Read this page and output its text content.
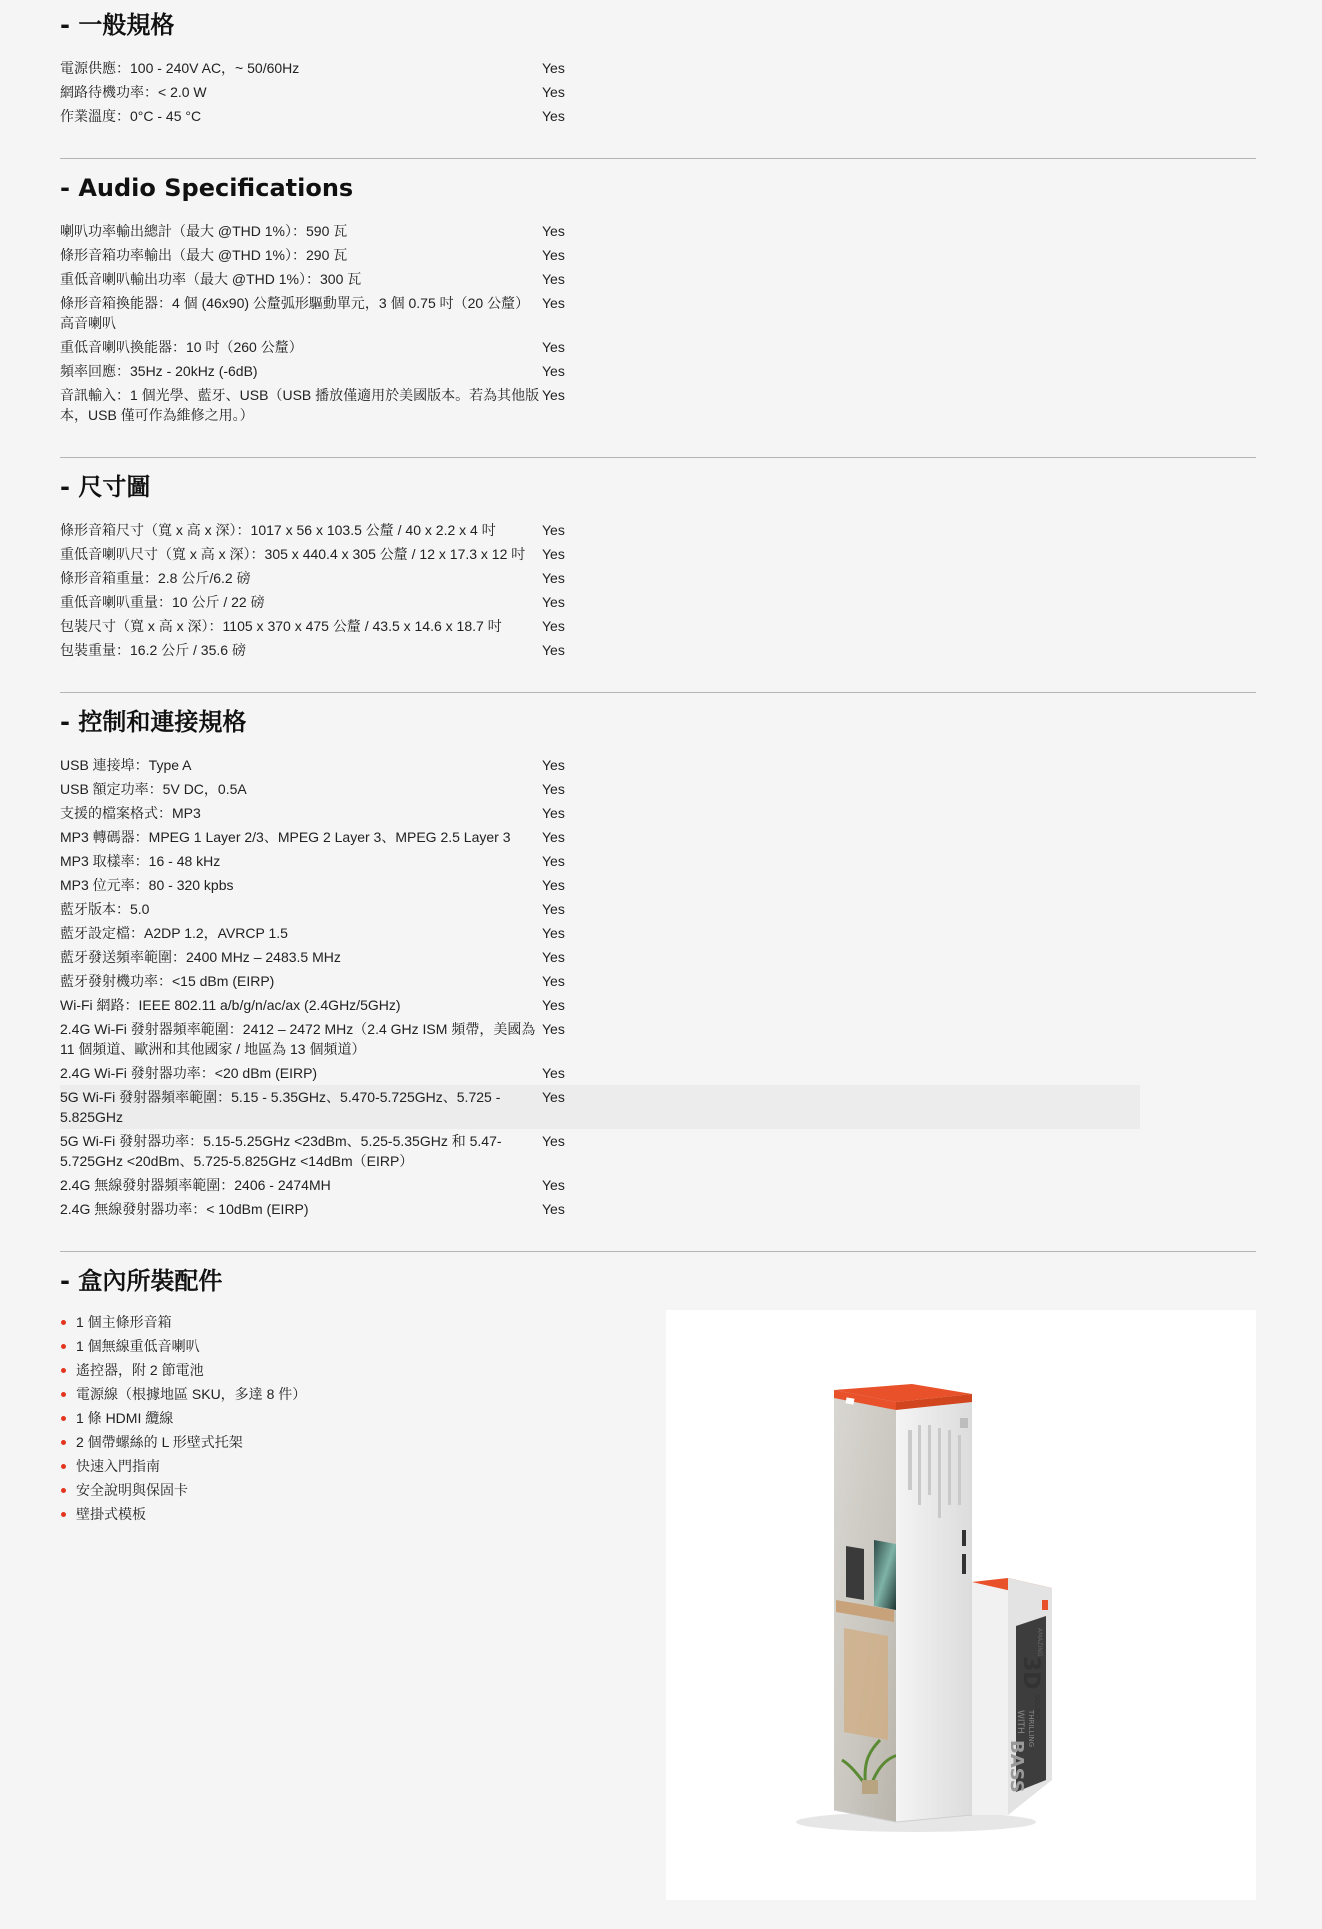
- 一般規格
電源供應：100 - 240V AC，~ 50/60Hz	Yes
網路待機功率：< 2.0 W	Yes
作業溫度：0°C - 45 °C	Yes
- Audio Specifications
喇叭功率輸出總計（最大 @THD 1%）：590 瓦	Yes
條形音箱功率輸出（最大 @THD 1%）：290 瓦	Yes
重低音喇叭輸出功率（最大 @THD 1%）：300 瓦	Yes
條形音箱換能器：4 個 (46x90) 公釐弧形驅動單元，3 個 0.75 吋（20 公釐）高音喇叭
Yes
重低音喇叭換能器：10 吋（260 公釐）	Yes
頻率回應：35Hz - 20kHz (-6dB)	Yes
音訊輸入：1 個光學、藍牙、USB（USB 播放僅適用於美國版本。若為其他版本，USB 僅可作為維修之用。）
Yes
- 尺寸圖
條形音箱尺寸（寬 x 高 x 深）：1017 x 56 x 103.5 公釐 / 40 x 2.2 x 4 吋	Yes
重低音喇叭尺寸（寬 x 高 x 深）：305 x 440.4 x 305 公釐 / 12 x 17.3 x 12 吋	Yes
條形音箱重量：2.8 公斤/6.2 磅	Yes
重低音喇叭重量：10 公斤 / 22 磅	Yes
包裝尺寸（寬 x 高 x 深）：1105 x 370 x 475 公釐 / 43.5 x 14.6 x 18.7 吋	Yes
包裝重量：16.2 公斤 / 35.6 磅	Yes
- 控制和連接規格
USB 連接埠：Type A	Yes
USB 額定功率：5V DC，0.5A	Yes
支援的檔案格式：MP3	Yes
MP3 轉碼器：MPEG 1 Layer 2/3、MPEG 2 Layer 3、MPEG 2.5 Layer 3	Yes
MP3 取樣率：16 - 48 kHz	Yes
MP3 位元率：80 - 320 kpbs	Yes
藍牙版本：5.0	Yes
藍牙設定檔：A2DP 1.2，AVRCP 1.5	Yes
藍牙發送頻率範圍：2400 MHz – 2483.5 MHz	Yes
藍牙發射機功率：<15 dBm (EIRP)	Yes
Wi-Fi 網路：IEEE 802.11 a/b/g/n/ac/ax (2.4GHz/5GHz)	Yes
2.4G Wi-Fi 發射器頻率範圍：2412 – 2472 MHz（2.4 GHz ISM 頻帶，美國為 11 個頻道、歐洲和其他國家 / 地區為 13 個頻道）
Yes
2.4G Wi-Fi 發射器功率：<20 dBm (EIRP)	Yes
5G Wi-Fi 發射器頻率範圍：5.15 - 5.35GHz、5.470-5.725GHz、5.725 - 5.825GHz
Yes
5G Wi-Fi 發射器功率：5.15-5.25GHz <23dBm、5.25-5.35GHz 和 5.47-5.725GHz <20dBm、5.725-5.825GHz <14dBm（EIRP）
Yes
2.4G 無線發射器頻率範圍：2406 - 2474MH	Yes
2.4G 無線發射器功率：< 10dBm (EIRP)	Yes
- 盒內所裝配件
1 個主條形音箱
1 個無線重低音喇叭
遙控器，附 2 節電池
電源線（根據地區 SKU，多達 8 件）
1 條 HDMI 纜線
2 個帶螺絲的 L 形壁式托架
快速入門指南
安全說明與保固卡
壁掛式模板
3D
SOUND
BASS
WITH THRILLING
AMAZING
